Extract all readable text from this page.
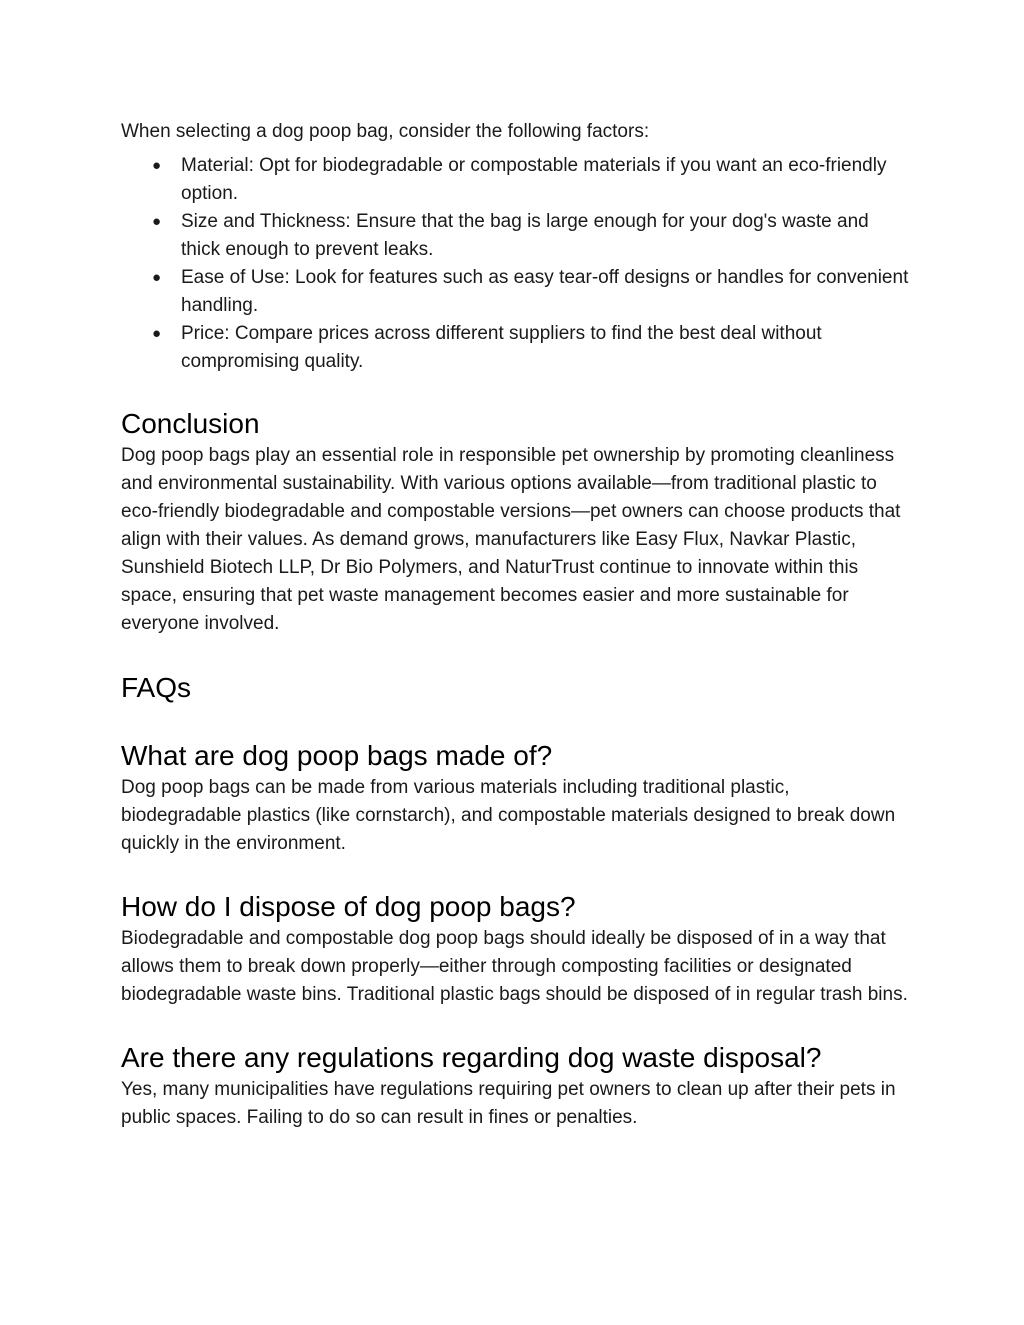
When selecting a dog poop bag, consider the following factors:

● Material: Opt for biodegradable or compostable materials if you want an eco-friendly option.
● Size and Thickness: Ensure that the bag is large enough for your dog's waste and thick enough to prevent leaks.
● Ease of Use: Look for features such as easy tear-off designs or handles for convenient handling.
● Price: Compare prices across different suppliers to find the best deal without compromising quality.
Conclusion

Dog poop bags play an essential role in responsible pet ownership by promoting cleanliness and environmental sustainability. With various options available—from traditional plastic to eco-friendly biodegradable and compostable versions—pet owners can choose products that align with their values. As demand grows, manufacturers like Easy Flux, Navkar Plastic, Sunshield Biotech LLP, Dr Bio Polymers, and NaturTrust continue to innovate within this space, ensuring that pet waste management becomes easier and more sustainable for everyone involved.

FAQs
What are dog poop bags made of?

Dog poop bags can be made from various materials including traditional plastic, biodegradable plastics (like cornstarch), and compostable materials designed to break down quickly in the environment.

How do I dispose of dog poop bags?

Biodegradable and compostable dog poop bags should ideally be disposed of in a way that allows them to break down properly—either through composting facilities or designated biodegradable waste bins. Traditional plastic bags should be disposed of in regular trash bins.

Are there any regulations regarding dog waste disposal?

Yes, many municipalities have regulations requiring pet owners to clean up after their pets in public spaces. Failing to do so can result in fines or penalties.
